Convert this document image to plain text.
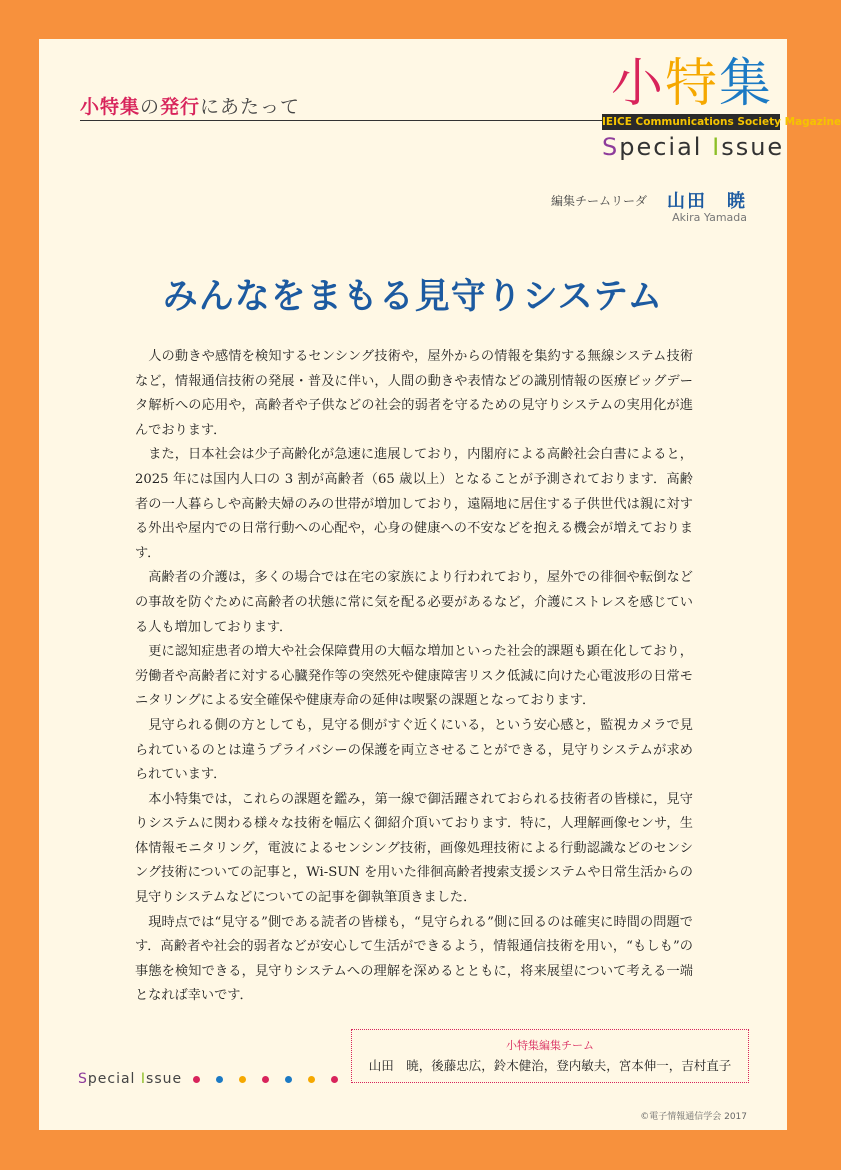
小特集の発行にあたって	小特集
IEICE Communications Society Magazine
Special Issue
編集チームリーダ 山田　暁
Akira Yamada
みんなをまもる見守りシステム

人の動きや感情を検知するセンシング技術や，屋外からの情報を集約する無線システム技術など，情報通信技術の発展・普及に伴い，人間の動きや表情などの識別情報の医療ビッグデータ解析への応用や，高齢者や子供などの社会的弱者を守るための見守りシステムの実用化が進んでおります．

また，日本社会は少子高齢化が急速に進展しており，内閣府による高齢社会白書によると，2025 年には国内人口の 3 割が高齢者（65 歳以上）となることが予測されております．高齢者の一人暮らしや高齢夫婦のみの世帯が増加しており，遠隔地に居住する子供世代は親に対する外出や屋内での日常行動への心配や，心身の健康への不安などを抱える機会が増えております．

高齢者の介護は，多くの場合では在宅の家族により行われており，屋外での徘徊や転倒などの事故を防ぐために高齢者の状態に常に気を配る必要があるなど，介護にストレスを感じている人も増加しております．

更に認知症患者の増大や社会保障費用の大幅な増加といった社会的課題も顕在化しており，労働者や高齢者に対する心臓発作等の突然死や健康障害リスク低減に向けた心電波形の日常モニタリングによる安全確保や健康寿命の延伸は喫緊の課題となっております．

見守られる側の方としても，見守る側がすぐ近くにいる，という安心感と，監視カメラで見られているのとは違うプライバシーの保護を両立させることができる，見守りシステムが求められています．

本小特集では，これらの課題を鑑み，第一線で御活躍されておられる技術者の皆様に，見守りシステムに関わる様々な技術を幅広く御紹介頂いております．特に，人理解画像センサ，生体情報モニタリング，電波によるセンシング技術，画像処理技術による行動認識などのセンシング技術についての記事と，Wi-SUN を用いた徘徊高齢者捜索支援システムや日常生活からの見守りシステムなどについての記事を御執筆頂きました．

現時点では“見守る”側である読者の皆様も，“見守られる”側に回るのは確実に時間の問題です．高齢者や社会的弱者などが安心して生活ができるよう，情報通信技術を用い，“もしも”の事態を検知できる，見守りシステムへの理解を深めるとともに，将来展望について考える一端となれば幸いです．

小特集編集チーム
山田　暁，後藤忠広，鈴木健治，登内敏夫，宮本伸一，吉村直子
Special Issue
©電子情報通信学会 2017
